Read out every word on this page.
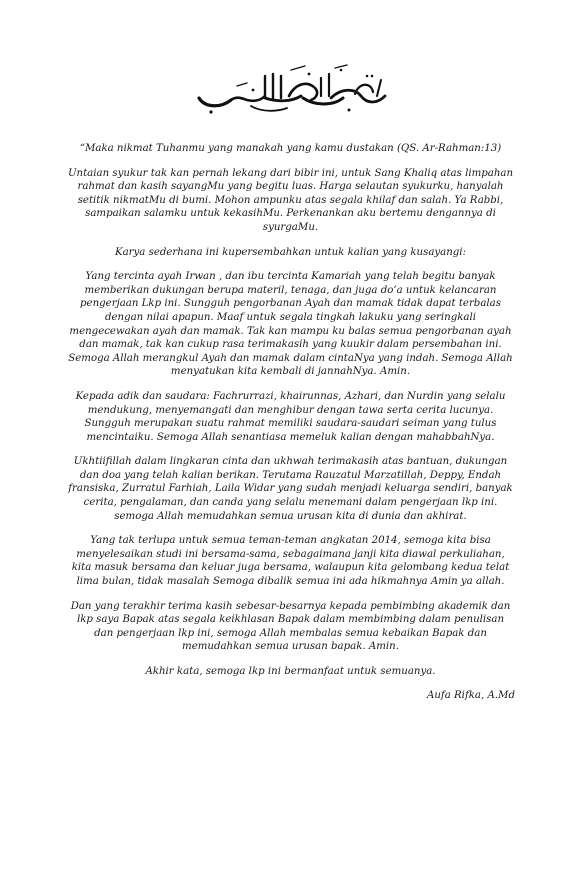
“Maka nikmat Tuhanmu yang manakah yang kamu dustakan (QS. Ar-Rahman:13)

Untaian syukur tak kan pernah lekang dari bibir ini, untuk Sang Khaliq atas limpahan rahmat dan kasih sayangMu yang begitu luas. Harga selautan syukurku, hanyalah setitik nikmatMu di bumi. Mohon ampunku atas segala khilaf dan salah. Ya Rabbi, sampaikan salamku untuk kekasihMu. Perkenankan aku bertemu dengannya di syurgaMu.

Karya sederhana ini kupersembahkan untuk kalian yang kusayangi:

Yang tercinta ayah Irwan , dan ibu tercinta Kamariah yang telah begitu banyak memberikan dukungan berupa materil, tenaga, dan juga do’a untuk kelancaran pengerjaan Lkp ini. Sungguh pengorbanan Ayah dan mamak tidak dapat terbalas dengan nilai apapun. Maaf untuk segala tingkah lakuku yang seringkali mengecewakan ayah dan mamak. Tak kan mampu ku balas semua pengorbanan ayah dan mamak, tak kan cukup rasa terimakasih yang kuukir dalam persembahan ini. Semoga Allah merangkul Ayah dan mamak dalam cintaNya yang indah. Semoga Allah menyatukan kita kembali di jannahNya. Amin.

Kepada adik dan saudara: Fachrurrazi, khairunnas, Azhari, dan Nurdin yang selalu mendukung, menyemangati dan menghibur dengan tawa serta cerita lucunya. Sungguh merupakan suatu rahmat memiliki saudara-saudari seiman yang tulus mencintaiku. Semoga Allah senantiasa memeluk kalian dengan mahabbahNya.

Ukhtiifillah dalam lingkaran cinta dan ukhwah terimakasih atas bantuan, dukungan dan doa yang telah kalian berikan. Terutama Rauzatul Marzatillah, Deppy, Endah fransiska, Zurratul Farhiah, Laila Widar yang sudah menjadi keluarga sendiri, banyak cerita, pengalaman, dan canda yang selalu menemani dalam pengerjaan lkp ini. semoga Allah memudahkan semua urusan kita di dunia dan akhirat.

Yang tak terlupa untuk semua teman-teman angkatan 2014, semoga kita bisa menyelesaikan studi ini bersama-sama, sebagaimana janji kita diawal perkuliahan, kita masuk bersama dan keluar juga bersama, walaupun kita gelombang kedua telat lima bulan, tidak masalah Semoga dibalik semua ini ada hikmahnya Amin ya allah.

Dan yang terakhir terima kasih sebesar-besarnya kepada pembimbing akademik dan lkp saya Bapak atas segala keikhlasan Bapak dalam membimbing dalam penulisan dan pengerjaan lkp ini, semoga Allah membalas semua kebaikan Bapak dan memudahkan semua urusan bapak. Amin.

Akhir kata, semoga lkp ini bermanfaat untuk semuanya.

Aufa Rifka, A.Md
